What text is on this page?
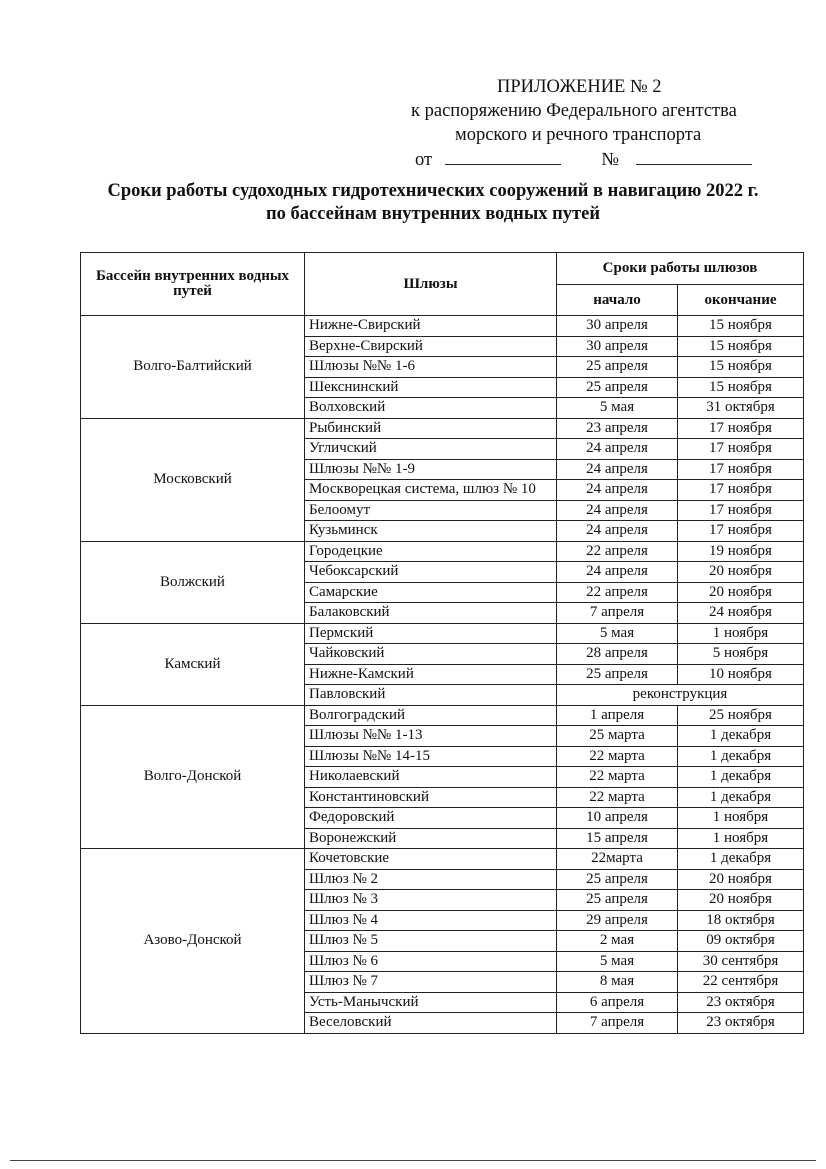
ПРИЛОЖЕНИЕ № 2
к распоряжению Федерального агентства
морского и речного транспорта
от	№
Сроки работы судоходных гидротехнических сооружений в навигацию 2022 г.
по бассейнам внутренних водных путей
Бассейн внутренних водных путей	Шлюзы	Сроки работы шлюзов	
		начало	окончание
Волго-Балтийский	Нижне-Свирский	30 апреля	15 ноября
	Верхне-Свирский	30 апреля	15 ноября
	Шлюзы №№ 1-6	25 апреля	15 ноября
	Шекснинский	25 апреля	15 ноября
	Волховский	5 мая	31 октября
Московский	Рыбинский	23 апреля	17 ноября
	Угличский	24 апреля	17 ноября
	Шлюзы №№ 1-9	24 апреля	17 ноября
	Москворецкая система, шлюз № 10	24 апреля	17 ноября
	Белоомут	24 апреля	17 ноября
	Кузьминск	24 апреля	17 ноября
Волжский	Городецкие	22 апреля	19 ноября
	Чебоксарский	24 апреля	20 ноября
	Самарские	22 апреля	20 ноября
	Балаковский	7 апреля	24 ноября
Камский	Пермский	5 мая	1 ноября
	Чайковский	28 апреля	5 ноября
	Нижне-Камский	25 апреля	10 ноября
	Павловский	реконструкция	
Волго-Донской	Волгоградский	1 апреля	25 ноября
	Шлюзы №№ 1-13	25 марта	1 декабря
	Шлюзы №№ 14-15	22 марта	1 декабря
	Николаевский	22 марта	1 декабря
	Константиновский	22 марта	1 декабря
	Федоровский	10 апреля	1 ноября
	Воронежский	15 апреля	1 ноября
Азово-Донской	Кочетовские	22марта	1 декабря
	Шлюз № 2	25 апреля	20 ноября
	Шлюз № 3	25 апреля	20 ноября
	Шлюз № 4	29 апреля	18 октября
	Шлюз № 5	2 мая	09 октября
	Шлюз № 6	5 мая	30 сентября
	Шлюз № 7	8 мая	22 сентября
	Усть-Манычский	6 апреля	23 октября
	Веселовский	7 апреля	23 октября
